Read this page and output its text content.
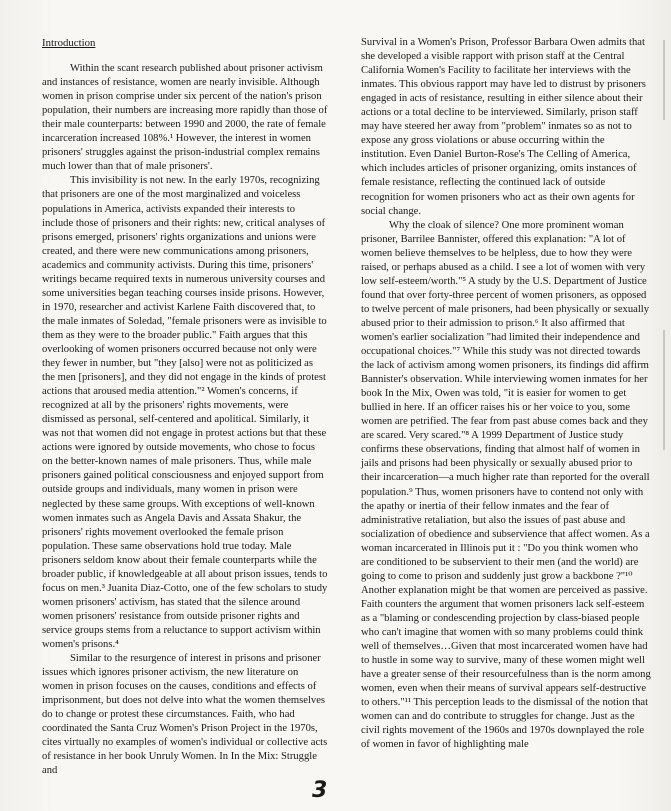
Introduction

Within the scant research published about prisoner activism and instances of resistance, women are nearly invisible. Although women in prison comprise under six percent of the nation's prison population, their numbers are increasing more rapidly than those of their male counterparts: between 1990 and 2000, the rate of female incarceration increased 108%.¹ However, the interest in women prisoners' struggles against the prison-industrial complex remains much lower than that of male prisoners'.

This invisibility is not new. In the early 1970s, recognizing that prisoners are one of the most marginalized and voiceless populations in America, activists expanded their interests to include those of prisoners and their rights: new, critical analyses of prisons emerged, prisoners' rights organizations and unions were created, and there were new communications among prisoners, academics and community activists. During this time, prisoners' writings became required texts in numerous university courses and some universities began teaching courses inside prisons. However, in 1970, researcher and activist Karlene Faith discovered that, to the male inmates of Soledad, "female prisoners were as invisible to them as they were to the broader public." Faith argues that this overlooking of women prisoners occurred because not only were they fewer in number, but "they [also] were not as politicized as the men [prisoners], and they did not engage in the kinds of protest actions that aroused media attention."² Women's concerns, if recognized at all by the prisoners' rights movements, were dismissed as personal, self-centered and apolitical. Similarly, it was not that women did not engage in protest actions but that these actions were ignored by outside movements, who chose to focus on the better-known names of male prisoners. Thus, while male prisoners gained political consciousness and enjoyed support from outside groups and individuals, many women in prison were neglected by these same groups. With exceptions of well-known women inmates such as Angela Davis and Assata Shakur, the prisoners' rights movement overlooked the female prison population. These same observations hold true today. Male prisoners seldom know about their female counterparts while the broader public, if knowledgeable at all about prison issues, tends to focus on men.³ Juanita Diaz-Cotto, one of the few scholars to study women prisoners' activism, has stated that the silence around women prisoners' resistance from outside prisoner rights and service groups stems from a reluctance to support activism within women's prisons.⁴

Similar to the resurgence of interest in prisons and prisoner issues which ignores prisoner activism, the new literature on women in prison focuses on the causes, conditions and effects of imprisonment, but does not delve into what the women themselves do to change or protest these circumstances. Faith, who had coordinated the Santa Cruz Women's Prison Project in the 1970s, cites virtually no examples of women's individual or collective acts of resistance in her book Unruly Women. In In the Mix: Struggle and

Survival in a Women's Prison, Professor Barbara Owen admits that she developed a visible rapport with prison staff at the Central California Women's Facility to facilitate her interviews with the inmates. This obvious rapport may have led to distrust by prisoners engaged in acts of resistance, resulting in either silence about their actions or a total decline to be interviewed. Similarly, prison staff may have steered her away from "problem" inmates so as not to expose any gross violations or abuse occurring within the institution. Even Daniel Burton-Rose's The Celling of America, which includes articles of prisoner organizing, omits instances of female resistance, reflecting the continued lack of outside recognition for women prisoners who act as their own agents for social change.

Why the cloak of silence? One more prominent woman prisoner, Barrilee Bannister, offered this explanation: "A lot of women believe themselves to be helpless, due to how they were raised, or perhaps abused as a child. I see a lot of women with very low self-esteem/worth."⁵ A study by the U.S. Department of Justice found that over forty-three percent of women prisoners, as opposed to twelve percent of male prisoners, had been physically or sexually abused prior to their admission to prison.⁶ It also affirmed that women's earlier socialization "had limited their independence and occupational choices."⁷ While this study was not directed towards the lack of activism among women prisoners, its findings did affirm Bannister's observation. While interviewing women inmates for her book In the Mix, Owen was told, "it is easier for women to get bullied in here. If an officer raises his or her voice to you, some women are petrified. The fear from past abuse comes back and they are scared. Very scared."⁸ A 1999 Department of Justice study confirms these observations, finding that almost half of women in jails and prisons had been physically or sexually abused prior to their incarceration—a much higher rate than reported for the overall population.⁹ Thus, women prisoners have to contend not only with the apathy or inertia of their fellow inmates and the fear of administrative retaliation, but also the issues of past abuse and socialization of obedience and subservience that affect women. As a woman incarcerated in Illinois put it : "Do you think women who are conditioned to be subservient to their men (and the world) are going to come to prison and suddenly just grow a backbone ?"¹⁰

Another explanation might be that women are perceived as passive. Faith counters the argument that women prisoners lack self-esteem as a "blaming or condescending projection by class-biased people who can't imagine that women with so many problems could think well of themselves…Given that most incarcerated women have had to hustle in some way to survive, many of these women might well have a greater sense of their resourcefulness than is the norm among women, even when their means of survival appears self-destructive to others."¹¹ This perception leads to the dismissal of the notion that women can and do contribute to struggles for change. Just as the civil rights movement of the 1960s and 1970s downplayed the role of women in favor of highlighting male

3
